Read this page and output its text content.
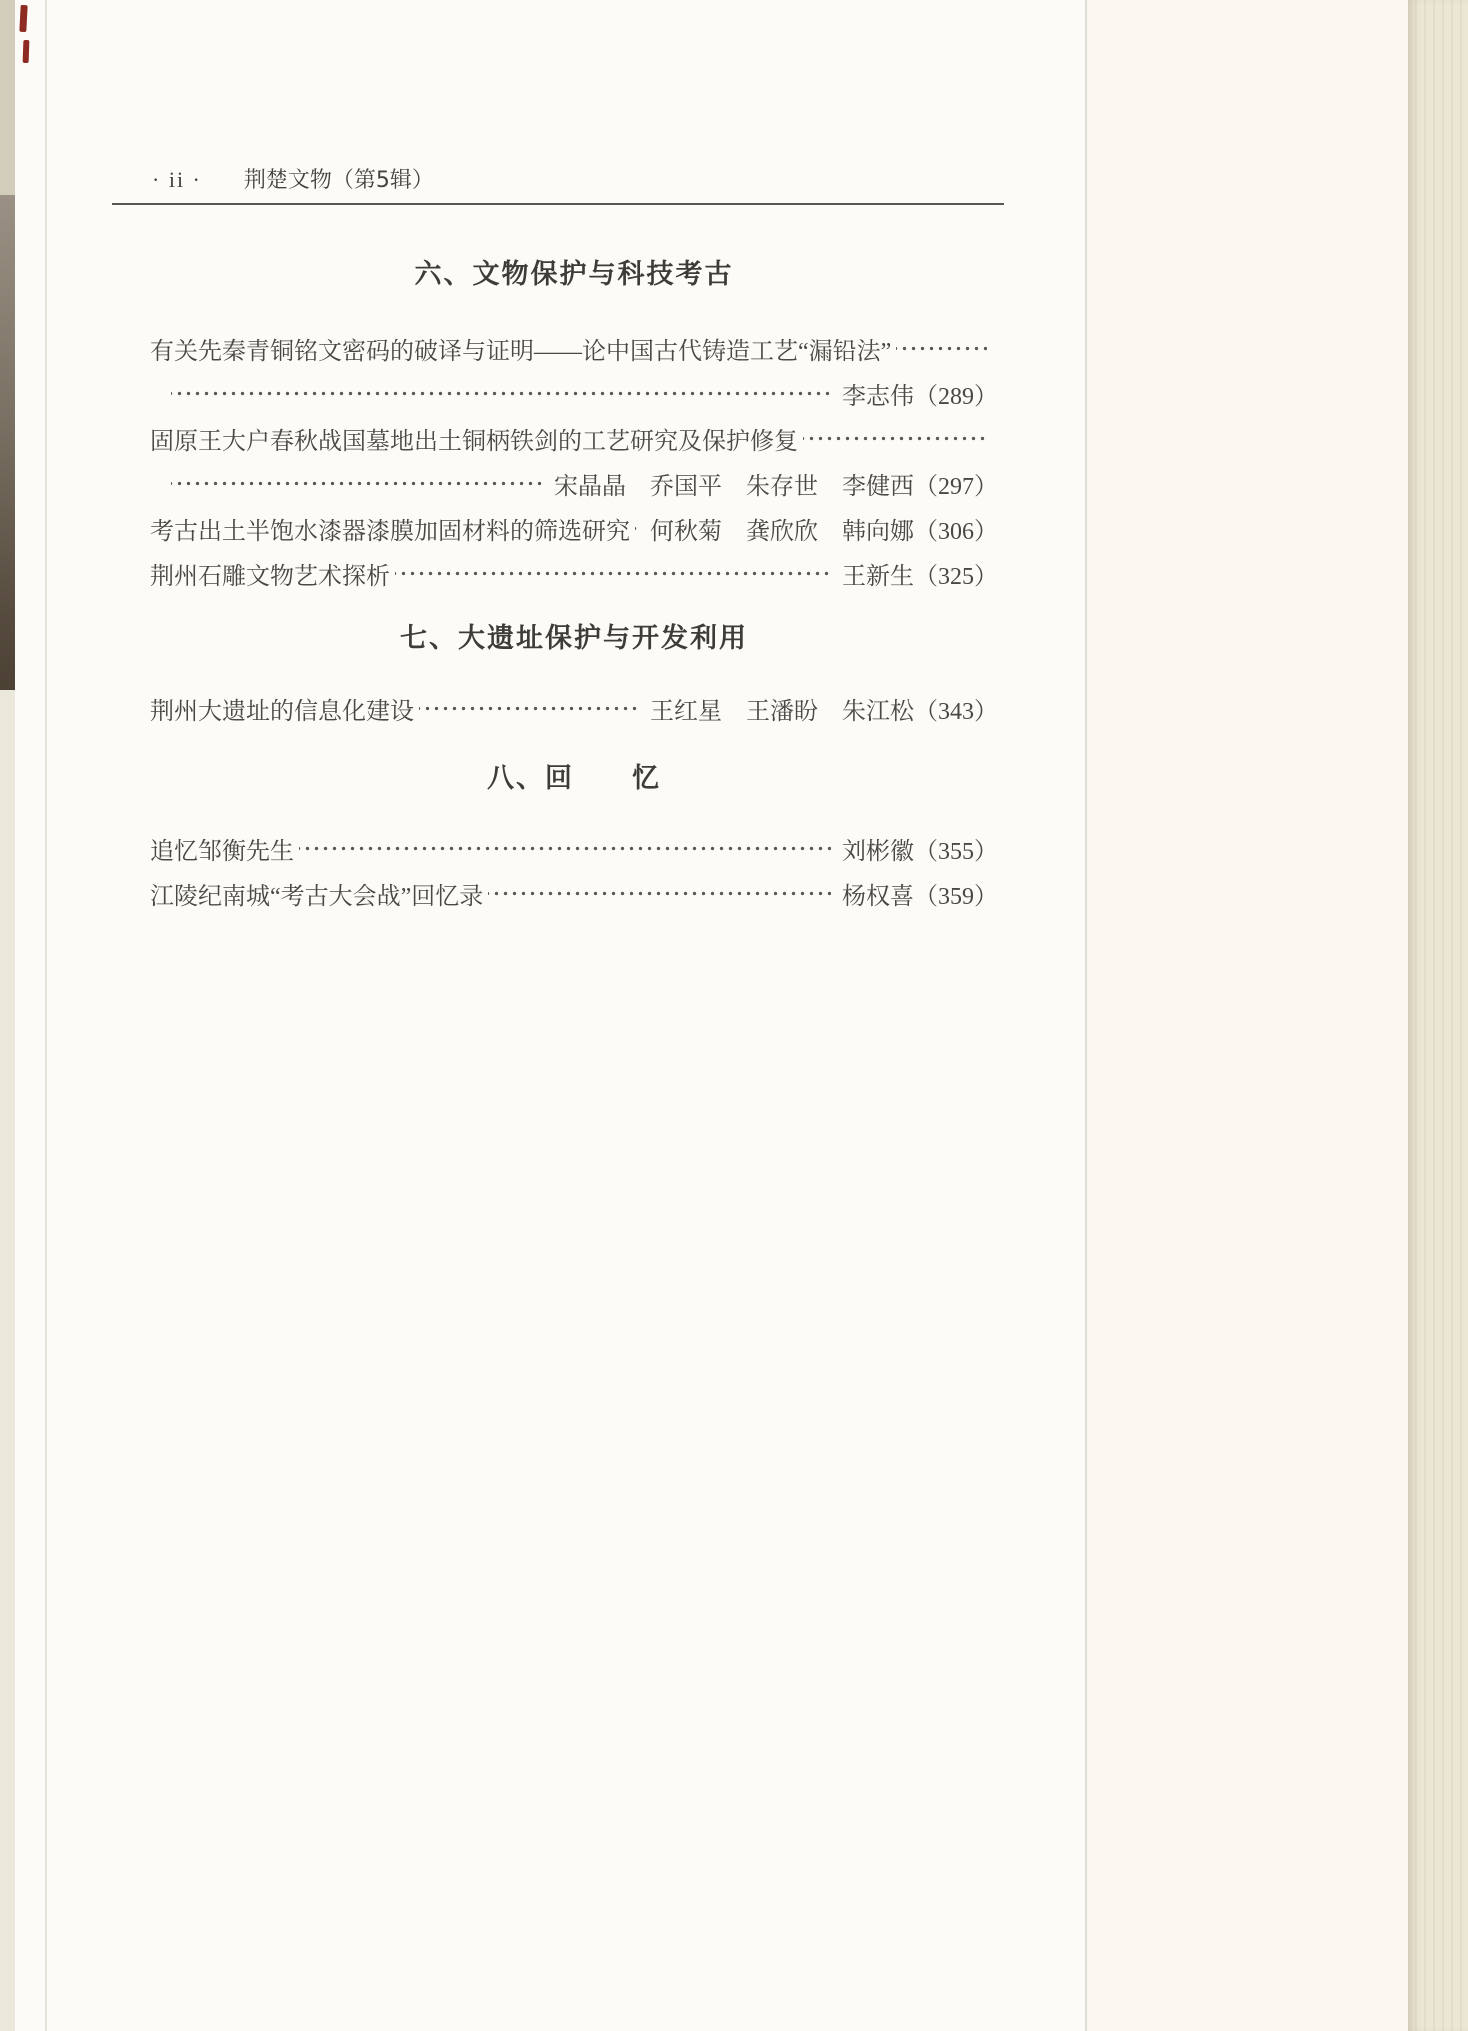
· ii · 荆楚文物（第5辑）
六、文物保护与科技考古
有关先秦青铜铭文密码的破译与证明——论中国古代铸造工艺“漏铅法”
李志伟（289）
固原王大户春秋战国墓地出土铜柄铁剑的工艺研究及保护修复
宋晶晶　乔国平　朱存世　李健西（297）
考古出土半饱水漆器漆膜加固材料的筛选研究 何秋菊　龚欣欣　韩向娜（306）
荆州石雕文物艺术探析	王新生（325）
七、大遗址保护与开发利用
荆州大遗址的信息化建设	王红星　王潘盼　朱江松（343）
八、回　　忆
追忆邹衡先生	刘彬徽（355）
江陵纪南城“考古大会战”回忆录	杨权喜（359）
